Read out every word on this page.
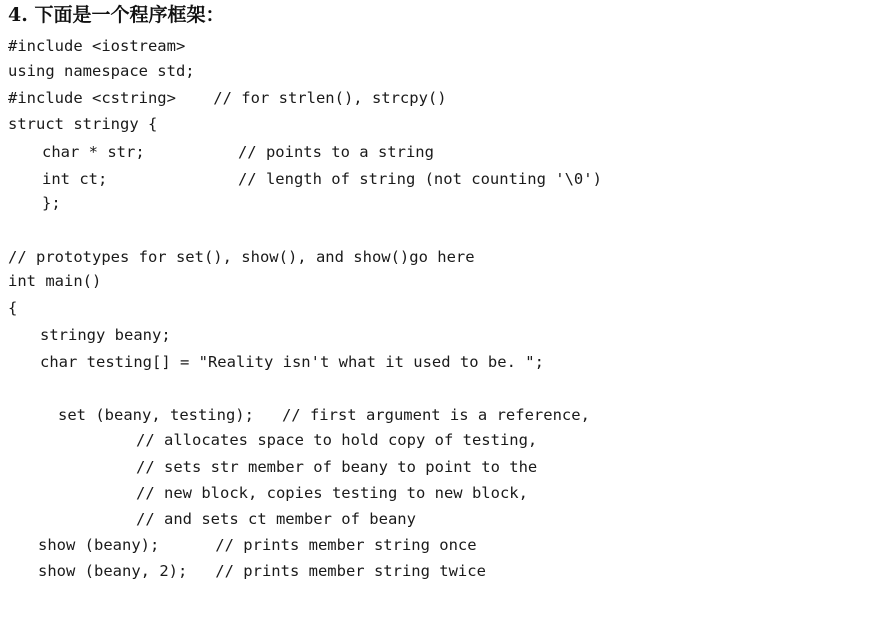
4. 下面是一个程序框架：
#include <iostream>
using namespace std;
#include <cstring>    // for strlen(), strcpy()
struct stringy {
char * str;          // points to a string
int ct;              // length of string (not counting '\0')
};
// prototypes for set(), show(), and show()go here
int main()
{
stringy beany;
char testing[] = "Reality isn't what it used to be. ";
set (beany, testing);   // first argument is a reference,
// allocates space to hold copy of testing,
// sets str member of beany to point to the
// new block, copies testing to new block,
// and sets ct member of beany
show (beany);      // prints member string once
show (beany, 2);   // prints member string twice
